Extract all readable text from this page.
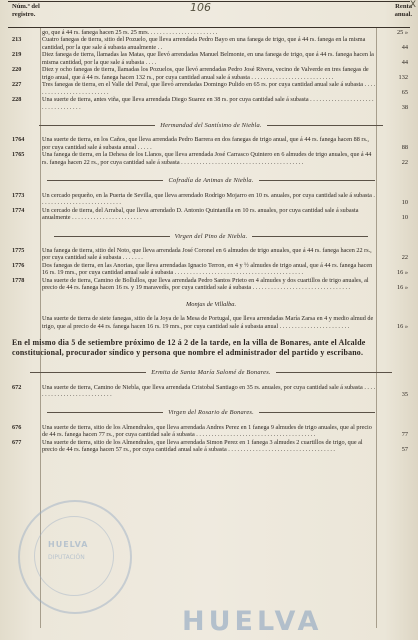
Núm.º del
registro.	106	Renta
anual.
X
go, que á 44 rs. fanega hacen 25 rs. 25 mrs. . . . . . . . . . . . . . . . . . . . . . .	25 »
213	Cuatro fanegas de tierra, sitio del Pozuelo, que lleva arrendada Pedro Bayo en una fanega de trigo, que á 44 rs. fanega en la misma cantidad, por la que sale á subasta anualmente . .	44
219	Diez fanega de tierra, llamadas las Matas, que llevó arrendadas Manuel Belmonte, en una fanega de trigo, que á 44 rs. fanega hacen la misma cantidad, por la que sale á subasta . . . .	44
220	Diez y ocho fanegas de tierra, llamadas los Pozuelos, que llevó arrendadas Pedro José Rivera, vecino de Valverde en tres fanegas de trigo anual, que á 44 rs. fanega hacen 132 rs., por cuya cantidad anual sale á subasta . . . . . . . . . . . . . . . . . . . . . . . . . . .	132
227	Tres fanegas de tierra, en el Valle del Peral, que llevó arrendadas Domingo Pulido en 65 rs. por cuya cantidad anual sale á subasta . . . . . . . . . . . . . . . . . . . . . . . . . .	65
228	Una suerte de tierra, antes viña, que lleva arrendada Diego Suarez en 38 rs. por cuya cantidad sale á subasta . . . . . . . . . . . . . . . . . . . . . . . . . . . . . . . . . .	38
Hermandad del Santísimo de Niebla.
1764	Una suerte de tierra, en los Caños, que lleva arrendada Pedro Barrera en dos fanegas de trigo anual, que á 44 rs. fanega hacen 88 rs., por cuya cantidad sale á subasta anual . . . . .	88
1765	Una fanega de tierra, en la Dehesa de los Llanos, que lleva arrendada José Carrasco Quintero en 6 almudes de trigo anuales, que á 44 rs. fanega hacen 22 rs., por cuya cantidad sale á subasta . . . . . . . . . . . . . . . . . . . . . . . . . . . . . . . . . . . . . . . .	22
Cofradía de Animas de Niebla.
1773	Un cercado pequeño, en la Puerta de Sevilla, que lleva arrendado Rodrigo Mojarro en 10 rs. anuales, por cuya cantidad sale á subasta . . . . . . . . . . . . . . . . . . . . . . . . . . .	10
1774	Un cercado de tierra, del Arrabal, que lleva arrendado D. Antonio Quintanilla en 10 rs. anuales, por cuya cantidad sale á subasta anualmente . . . . . . . . . . . . . . . . . . . . . . .	10
Virgen del Pino de Niebla.
1775	Una fanega de tierra, sitio del Noto, que lleva arrendada José Coronel en 6 almudes de trigo anuales, que á 44 rs. fanega hacen 22 rs., por cuya cantidad sale á subasta . . . . . . .	22
1776	Dos fanegas de tierra, en las Anorias, que lleva arrendadas Ignacio Terron, en 4 y ½ almudes de trigo anual, que á 44 rs. fanega hacen 16 rs. 19 mrs., por cuya cantidad anual sale á subasta . . . . . . . . . . . . . . . . . . . . . . . . . . . . . . . . . . . . . . . . . .	16 »
1778	Una suerte de tierra, Camino de Bollullos, que lleva arrendada Pedro Santos Prieto en 4 almudes y dos cuartillos de trigo anuales, al precio de 44 rs. fanega hacen 16 rs. y 19 maravedís, por cuya cantidad sale á subasta . . . . . . . . . . . . . . . . . . . . . . . . . . . . . . . .	16 »
Monjas de Villalba.
Una suerte de tierra de siete fanegas, sitio de la Joya de la Mesa de Portugal, que lleva arrendadas María Zarsa en 4 y medio almud de trigo, que al precio de 44 rs. fanega hacen 16 rs. 19 mrs., por cuya cantidad sale á subasta anual . . . . . . . . . . . . . . . . . . . . . . .	16 »
En el mismo dia 5 de setiembre próximo de 12 á 2 de la tarde, en la villa de Bonares, ante el Alcalde constitucional, procurador síndico y persona que nombre el administrador del partido y escribano.
Ermita de Santa María Salomé de Bonares.
672	Una suerte de tierra, Camino de Niebla, que lleva arrendada Cristobal Santiago en 35 rs. anuales, por cuya cantidad sale á subasta . . . . . . . . . . . . . . . . . . . . . . . . . . .	35
Virgen del Rosario de Bonares.
676	Una suerte de tierra, sitio de los Almendrales, que lleva arrendada Andres Perez en 1 fanega 9 almudes de trigo anuales, que al precio de 44 rs. fanega hacen 77 rs., por cuya cantidad sale á subasta . . . . . . . . . . . . . . . . . . . . . . . . . . . . . . . . . . . . . . .	77
677	Una suerte de tierra, sitio de los Almendrales, que lleva arrendada Simon Perez en 1 fanega 3 almudes 2 cuartillos de trigo, que al precio de 44 rs. fanega hacen 57 rs., por cuya cantidad anual sale á subasta . . . . . . . . . . . . . . . . . . . . . . . . . . . . . . . . . . .	57
HUELVA
DIPUTACIÓN
HUELVA
